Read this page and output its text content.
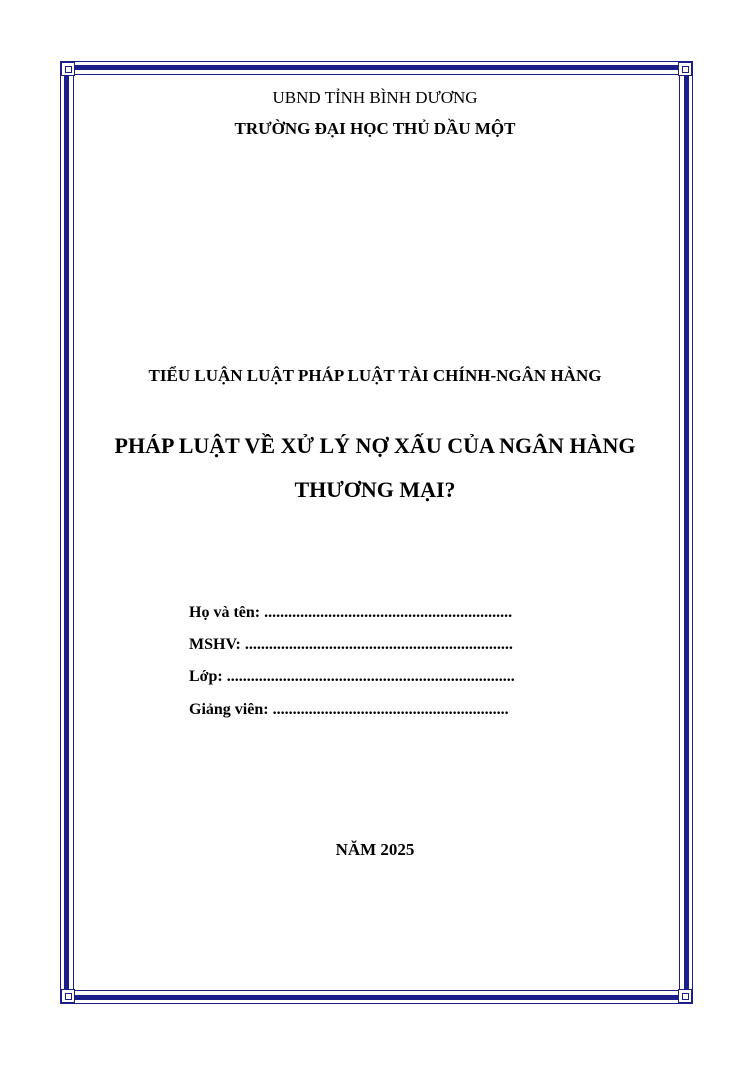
UBND TỈNH BÌNH DƯƠNG
TRƯỜNG ĐẠI HỌC THỦ DẦU MỘT
TIỂU LUẬN LUẬT PHÁP LUẬT TÀI CHÍNH-NGÂN HÀNG
PHÁP LUẬT VỀ XỬ LÝ NỢ XẤU CỦA NGÂN HÀNG
THƯƠNG MẠI?
Họ và tên: ..............................................................
MSHV: ...................................................................
Lớp: ........................................................................
Giảng viên: ...........................................................
NĂM 2025
